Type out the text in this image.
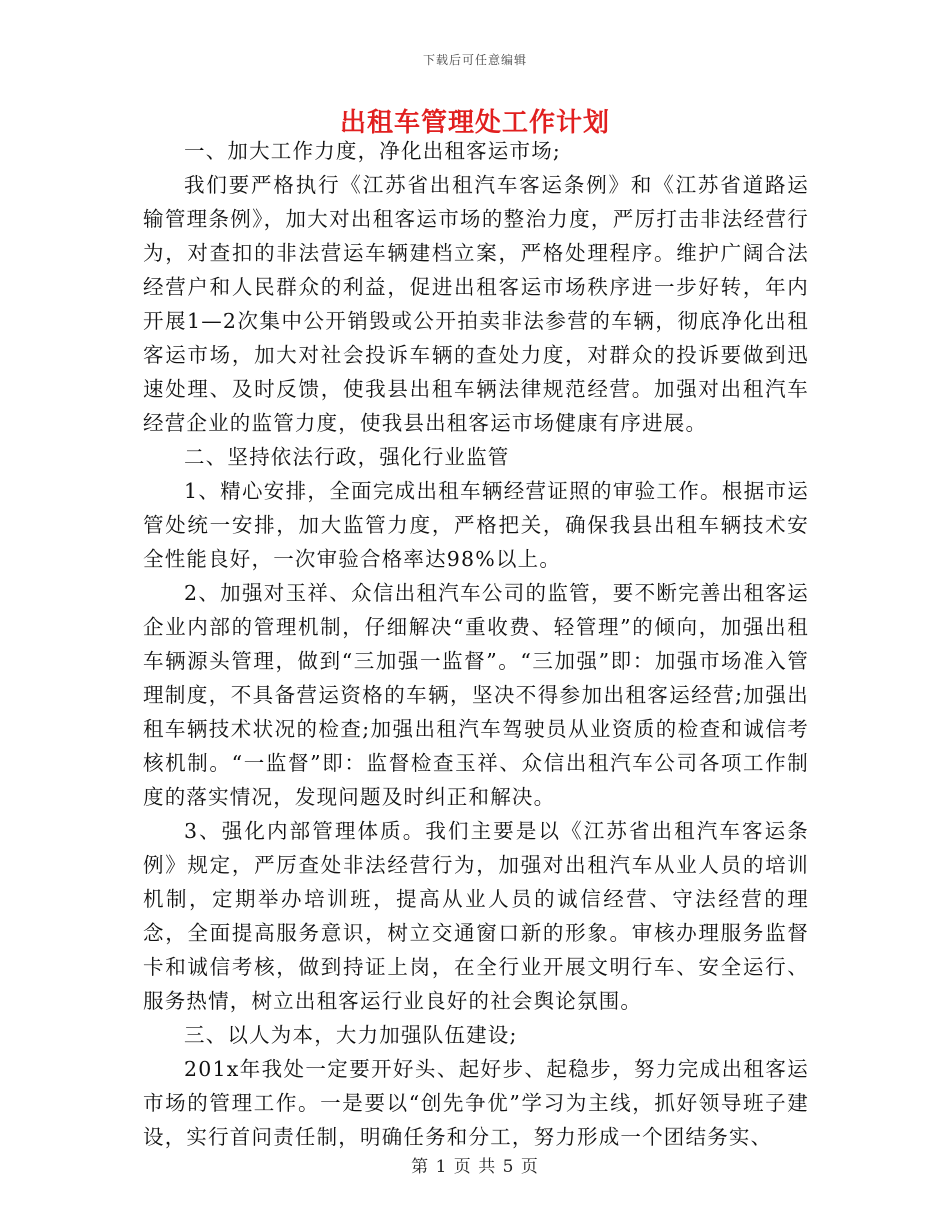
下载后可任意编辑
出租车管理处工作计划

一、加大工作力度，净化出租客运市场;

我们要严格执行《江苏省出租汽车客运条例》和《江苏省道路运输管理条例》，加大对出租客运市场的整治力度，严厉打击非法经营行为，对查扣的非法营运车辆建档立案，严格处理程序。维护广阔合法经营户和人民群众的利益，促进出租客运市场秩序进一步好转，年内开展1—2次集中公开销毁或公开拍卖非法参营的车辆，彻底净化出租客运市场，加大对社会投诉车辆的查处力度，对群众的投诉要做到迅速处理、及时反馈，使我县出租车辆法律规范经营。加强对出租汽车经营企业的监管力度，使我县出租客运市场健康有序进展。

二、坚持依法行政，强化行业监管

1、精心安排，全面完成出租车辆经营证照的审验工作。根据市运管处统一安排，加大监管力度，严格把关，确保我县出租车辆技术安全性能良好，一次审验合格率达98%以上。

2、加强对玉祥、众信出租汽车公司的监管，要不断完善出租客运企业内部的管理机制，仔细解决“重收费、轻管理”的倾向，加强出租车辆源头管理，做到“三加强一监督”。“三加强”即：加强市场准入管理制度，不具备营运资格的车辆，坚决不得参加出租客运经营;加强出租车辆技术状况的检查;加强出租汽车驾驶员从业资质的检查和诚信考核机制。“一监督”即：监督检查玉祥、众信出租汽车公司各项工作制度的落实情况，发现问题及时纠正和解决。

3、强化内部管理体质。我们主要是以《江苏省出租汽车客运条例》规定，严厉查处非法经营行为，加强对出租汽车从业人员的培训机制，定期举办培训班，提高从业人员的诚信经营、守法经营的理念，全面提高服务意识，树立交通窗口新的形象。审核办理服务监督卡和诚信考核，做到持证上岗，在全行业开展文明行车、安全运行、服务热情，树立出租客运行业良好的社会舆论氛围。

三、以人为本，大力加强队伍建设;

201x年我处一定要开好头、起好步、起稳步，努力完成出租客运市场的管理工作。一是要以“创先争优”学习为主线，抓好领导班子建设，实行首问责任制，明确任务和分工，努力形成一个团结务实、

第 1 页 共 5 页
